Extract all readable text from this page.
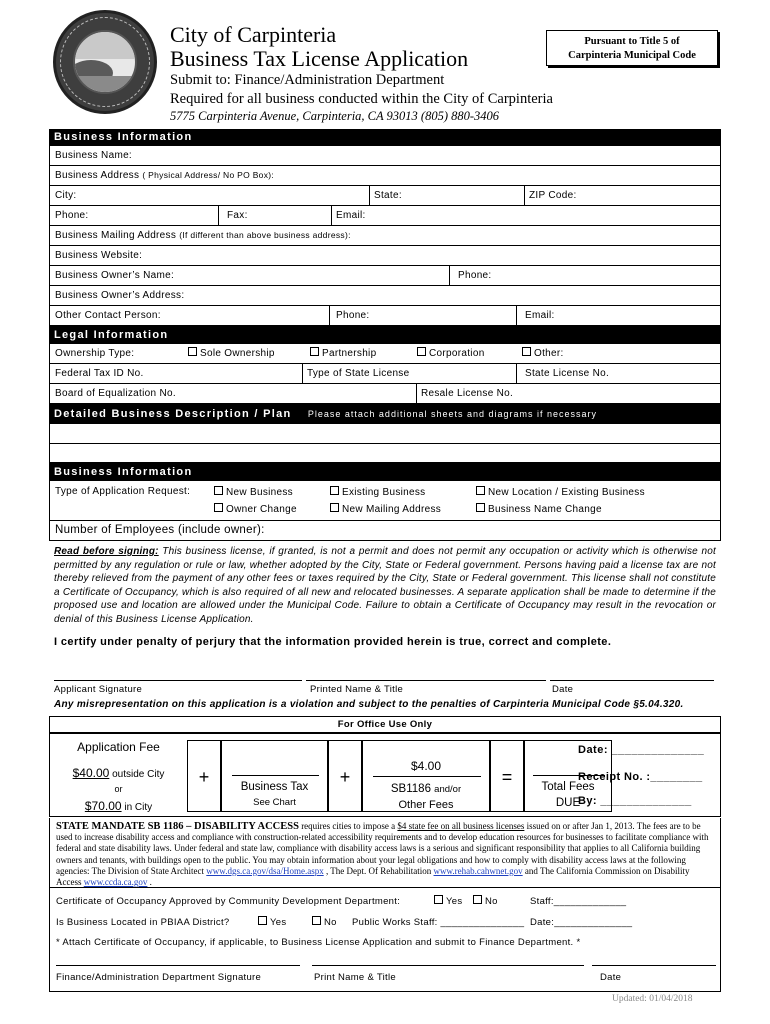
City of Carpinteria
Business Tax License Application
Submit to: Finance/Administration Department
Required for all business conducted within the City of Carpinteria
5775 Carpinteria Avenue, Carpinteria, CA 93013 (805) 880-3406
Pursuant to Title 5 of
Carpinteria Municipal Code
Business Information
Business Name:
Business Address ( Physical Address/ No PO Box):
City:	State:	ZIP Code:
Phone:	Fax:	Email:
Business Mailing Address (If different than above business address):
Business Website:
Business Owner’s Name:	Phone:
Business Owner’s Address:
Other Contact Person:	Phone:	Email:
Legal Information
Ownership Type:	Sole Ownership	Partnership	Corporation	Other:
Federal Tax ID No.	Type of State License	State License No.
Board of Equalization No.	Resale License No.
Detailed Business Description / Plan Please attach additional sheets and diagrams if necessary
Business Information
Type of Application Request:	New Business	Existing Business	New Location / Existing Business
Owner Change	New Mailing Address	Business Name Change
Number of Employees (include owner):
Read before signing: This business license, if granted, is not a permit and does not permit any occupation or activity which is otherwise not permitted by any regulation or rule or law, whether adopted by the City, State or Federal government. Persons having paid a license tax are not thereby relieved from the payment of any other fees or taxes required by the City, State or Federal government. This license shall not constitute a Certificate of Occupancy, which is also required of all new and relocated businesses. A separate application shall be made to determine if the proposed use and location are allowed under the Municipal Code. Failure to obtain a Certificate of Occupancy may result in the revocation or denial of this Business License Application.
I certify under penalty of perjury that the information provided herein is true, correct and complete.
Applicant Signature	Printed Name & Title	Date
Any misrepresentation on this application is a violation and subject to the penalties of Carpinteria Municipal Code §5.04.320.
For Office Use Only
Application Fee
$40.00 outside City
or
$70.00 in City
+	Business Tax
See Chart
+
$4.00
SB1186 and/or
Other Fees
=	Total Fees
DUE
Date: ______________
Receipt No. :________
By: ______________
STATE MANDATE SB 1186 – DISABILITY ACCESS requires cities to impose a $4 state fee on all business licenses issued on or after Jan 1, 2013. The fees are to be used to increase disability access and compliance with construction-related accessibility requirements and to develop education resources for businesses to facilitate compliance with federal and state disability laws. Under federal and state law, compliance with disability access laws is a serious and significant responsibility that applies to all California building owners and tenants, with buildings open to the public. You may obtain information about your legal obligations and how to comply with disability access laws at the following agencies: The Division of State Architect www.dgs.ca.gov/dsa/Home.aspx , The Dept. Of Rehabilitation www.rehab.cahwnet.gov and The California Commission on Disability Access www.ccda.ca.gov .
Certificate of Occupancy Approved by Community Development Department:	Yes	No	Staff:_____________
Is Business Located in PBIAA District?	Yes	No Public Works Staff: _______________ Date:______________
* Attach Certificate of Occupancy, if applicable, to Business License Application and submit to Finance Department. *
Finance/Administration Department Signature	Print Name & Title	Date
Updated: 01/04/2018
